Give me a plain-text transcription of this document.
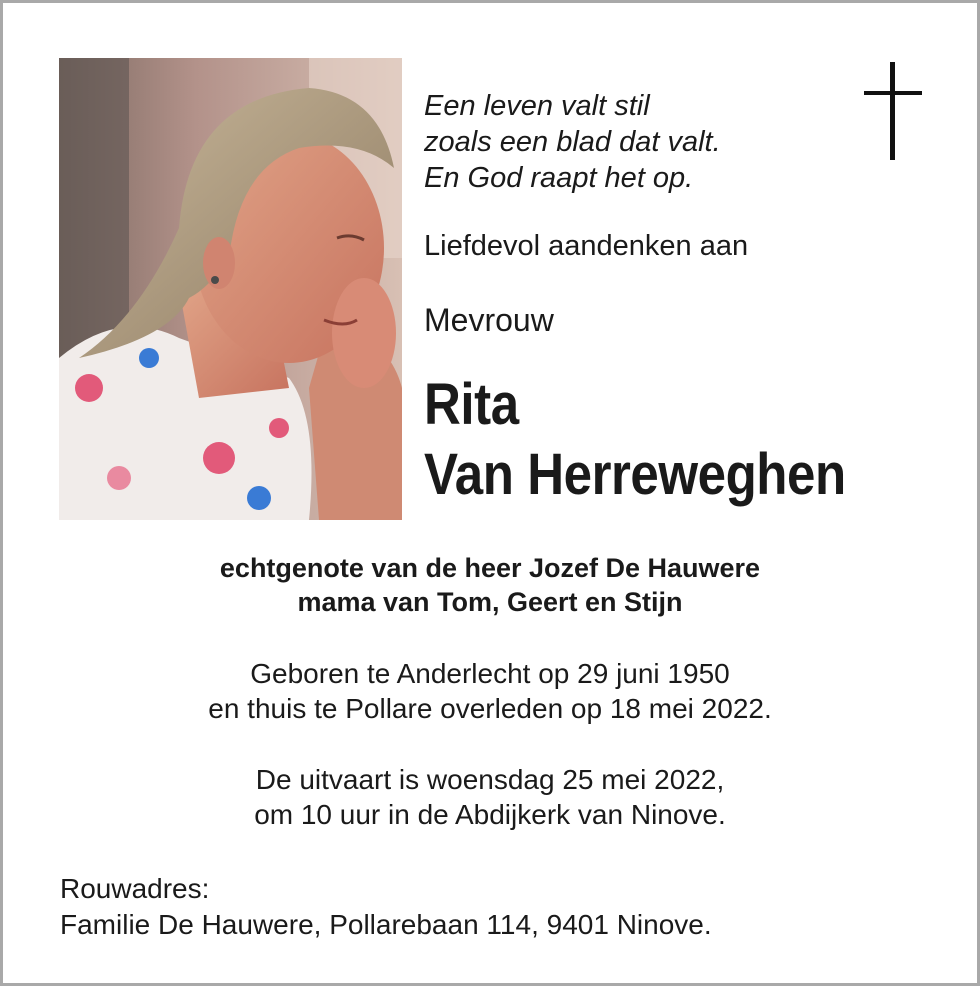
Een leven valt stil
zoals een blad dat valt.
En God raapt het op.
Liefdevol aandenken aan
Mevrouw
Rita
Van Herreweghen
echtgenote van de heer Jozef De Hauwere
mama van Tom, Geert en Stijn
Geboren te Anderlecht op 29 juni 1950
en thuis te Pollare overleden op 18 mei 2022.
De uitvaart is woensdag 25 mei 2022,
om 10 uur in de Abdijkerk van Ninove.
Rouwadres:
Familie De Hauwere, Pollarebaan 114, 9401 Ninove.
